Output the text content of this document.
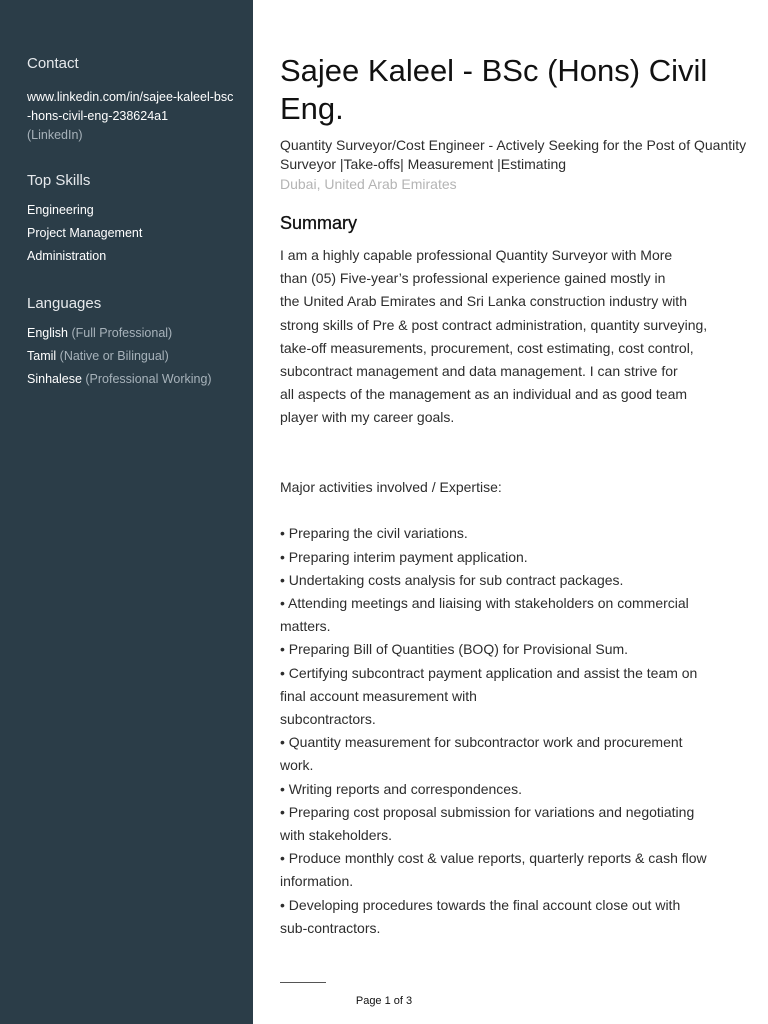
Contact
www.linkedin.com/in/sajee-kaleel-bsc-hons-civil-eng-238624a1
(LinkedIn)
Top Skills
Engineering
Project Management
Administration
Languages
English (Full Professional)
Tamil (Native or Bilingual)
Sinhalese (Professional Working)
Sajee Kaleel - BSc (Hons) Civil Eng.

Quantity Surveyor/Cost Engineer - Actively Seeking for the Post of Quantity Surveyor |Take-offs| Measurement |Estimating

Dubai, United Arab Emirates

Summary
I am a highly capable professional Quantity Surveyor with More
than (05) Five-year’s professional experience gained mostly in
the United Arab Emirates and Sri Lanka construction industry with
strong skills of Pre & post contract administration, quantity surveying,
take-off measurements, procurement, cost estimating, cost control,
subcontract management and data management. I can strive for
all aspects of the management as an individual and as good team
player with my career goals.
Major activities involved / Expertise:
• Preparing the civil variations.
• Preparing interim payment application.
• Undertaking costs analysis for sub contract packages.
• Attending meetings and liaising with stakeholders on commercial
matters.
• Preparing Bill of Quantities (BOQ) for Provisional Sum.
• Certifying subcontract payment application and assist the team on
final account measurement with
subcontractors.
• Quantity measurement for subcontractor work and procurement
work.
• Writing reports and correspondences.
• Preparing cost proposal submission for variations and negotiating
with stakeholders.
• Produce monthly cost & value reports, quarterly reports & cash flow
information.
• Developing procedures towards the final account close out with
sub-contractors.
Page 1 of 3
